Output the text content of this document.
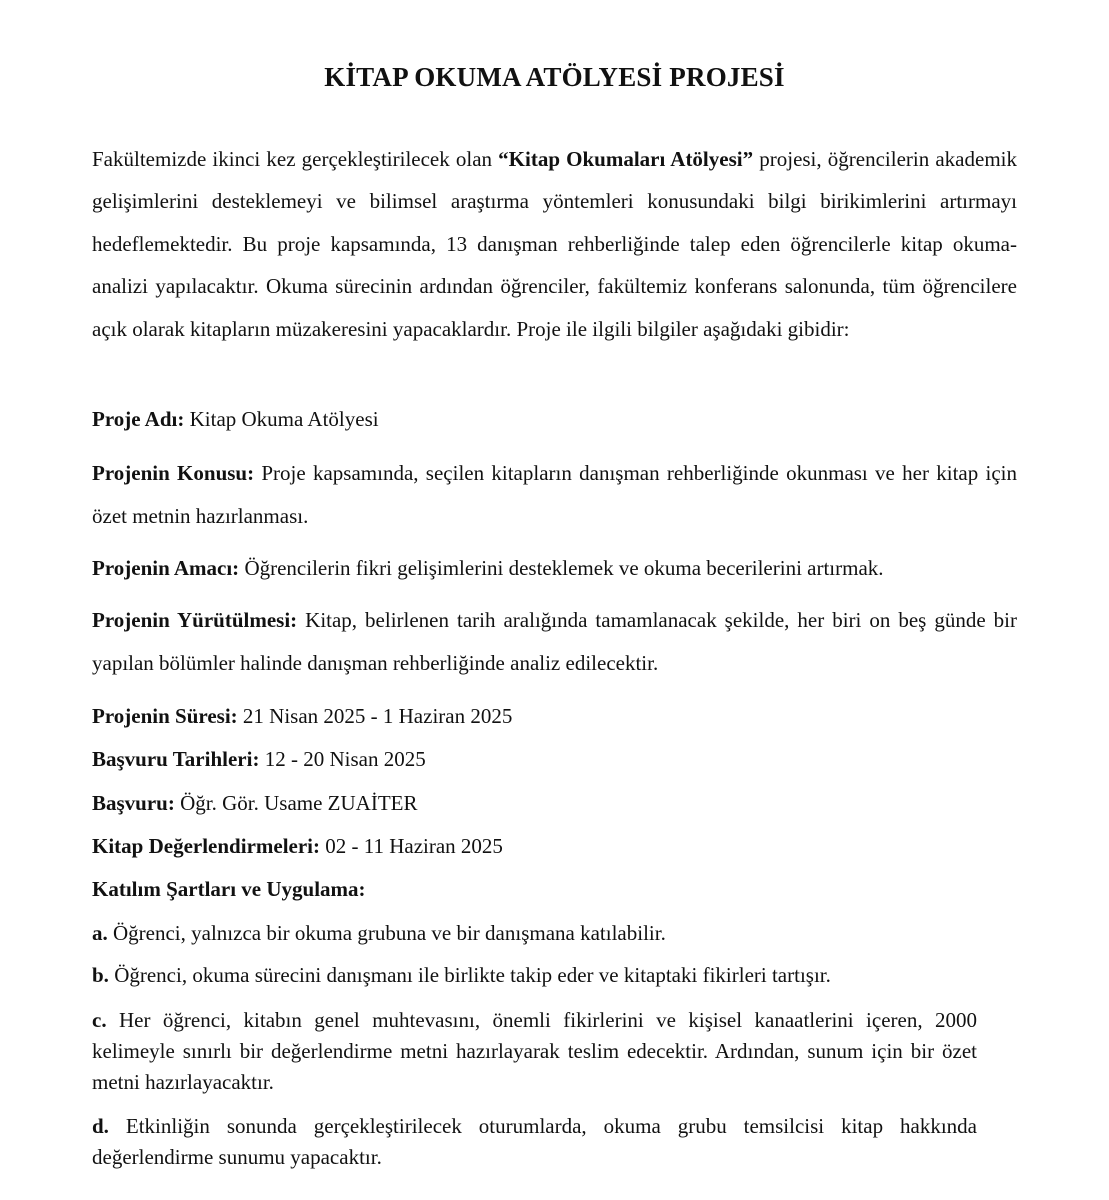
KİTAP OKUMA ATÖLYESİ PROJESİ

Fakültemizde ikinci kez gerçekleştirilecek olan “Kitap Okumaları Atölyesi” projesi, öğrencilerin akademik gelişimlerini desteklemeyi ve bilimsel araştırma yöntemleri konusundaki bilgi birikimlerini artırmayı hedeflemektedir. Bu proje kapsamında, 13 danışman rehberliğinde talep eden öğrencilerle kitap okuma-analizi yapılacaktır. Okuma sürecinin ardından öğrenciler, fakültemiz konferans salonunda, tüm öğrencilere açık olarak kitapların müzakeresini yapacaklardır. Proje ile ilgili bilgiler aşağıdaki gibidir:

Proje Adı: Kitap Okuma Atölyesi

Projenin Konusu: Proje kapsamında, seçilen kitapların danışman rehberliğinde okunması ve her kitap için özet metnin hazırlanması.

Projenin Amacı: Öğrencilerin fikri gelişimlerini desteklemek ve okuma becerilerini artırmak.

Projenin Yürütülmesi: Kitap, belirlenen tarih aralığında tamamlanacak şekilde, her biri on beş günde bir yapılan bölümler halinde danışman rehberliğinde analiz edilecektir.

Projenin Süresi: 21 Nisan 2025 - 1 Haziran 2025

Başvuru Tarihleri: 12 - 20 Nisan 2025

Başvuru: Öğr. Gör. Usame ZUAİTER

Kitap Değerlendirmeleri: 02 - 11 Haziran 2025

Katılım Şartları ve Uygulama:

a. Öğrenci, yalnızca bir okuma grubuna ve bir danışmana katılabilir.

b. Öğrenci, okuma sürecini danışmanı ile birlikte takip eder ve kitaptaki fikirleri tartışır.

c. Her öğrenci, kitabın genel muhtevasını, önemli fikirlerini ve kişisel kanaatlerini içeren, 2000 kelimeyle sınırlı bir değerlendirme metni hazırlayarak teslim edecektir. Ardından, sunum için bir özet metni hazırlayacaktır.

d. Etkinliğin sonunda gerçekleştirilecek oturumlarda, okuma grubu temsilcisi kitap hakkında değerlendirme sunumu yapacaktır.
